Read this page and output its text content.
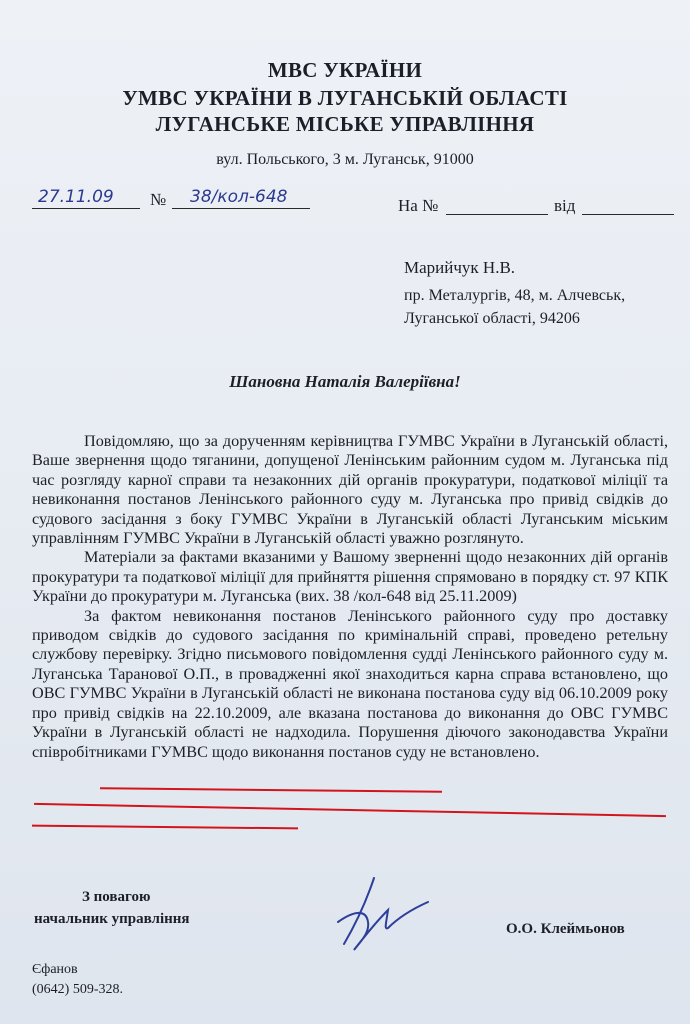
МВС УКРАЇНИ
УМВС УКРАЇНИ В ЛУГАНСЬКІЙ ОБЛАСТІ
ЛУГАНСЬКЕ МІСЬКЕ УПРАВЛІННЯ
вул. Польського, 3 м. Луганськ, 91000
27.11.09 № 38/кол-648	На №	від
Марийчук Н.В.
пр. Металургів, 48, м. Алчевськ,
Луганської області, 94206
Шановна Наталія Валеріївна!

Повідомляю, що за дорученням керівництва ГУМВС України в Луганській області, Ваше звернення щодо тяганини, допущеної Ленінським районним судом м. Луганська під час розгляду карної справи та незаконних дій органів прокуратури, податкової міліції та невиконання постанов Ленінського районного суду м. Луганська про привід свідків до судового засідання з боку ГУМВС України в Луганській області Луганським міським управлінням ГУМВС України в Луганській області уважно розглянуто.

Матеріали за фактами вказаними у Вашому зверненні щодо незаконних дій органів прокуратури та податкової міліції для прийняття рішення спрямовано в порядку ст. 97 КПК України до прокуратури м. Луганська (вих. 38 /кол-648 від 25.11.2009)

За фактом невиконання постанов Ленінського районного суду про доставку приводом свідків до судового засідання по кримінальній справі, проведено ретельну службову перевірку. Згідно письмового повідомлення судді Ленінського районного суду м. Луганська Таранової О.П., в провадженні якої знаходиться карна справа встановлено, що ОВС ГУМВС України в Луганській області не виконана постанова суду від 06.10.2009 року про привід свідків на 22.10.2009, але вказана постанова до виконання до ОВС ГУМВС України в Луганській області не надходила. Порушення діючого законодавства України співробітниками ГУМВС щодо виконання постанов суду не встановлено.

З повагою
начальник управління
О.О. Клеймьонов
Єфанов
(0642) 509-328.
